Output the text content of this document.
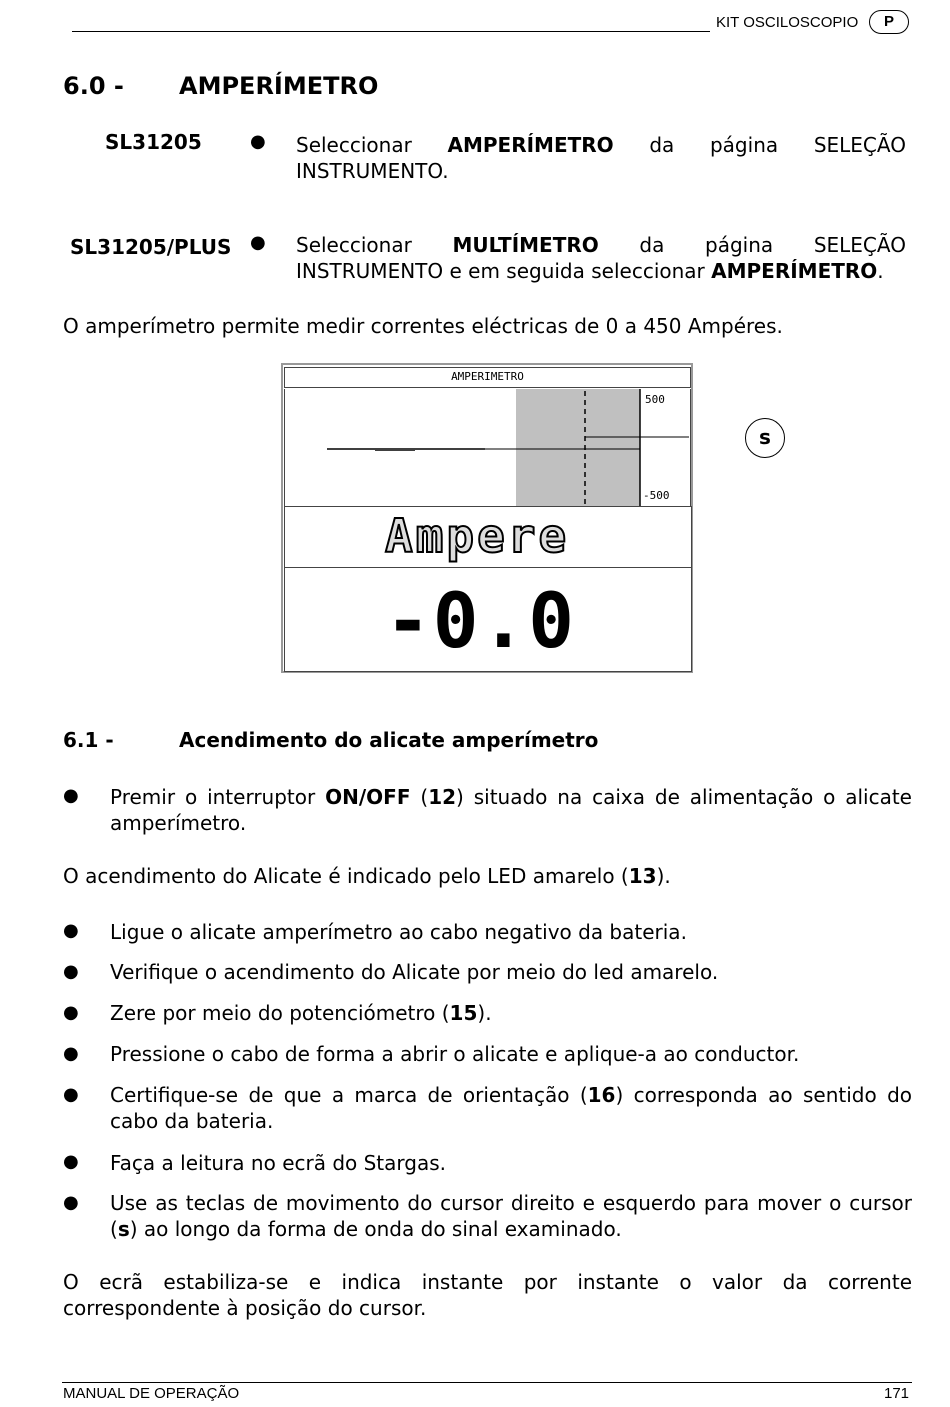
KIT OSCILOSCOPIO	P
6.0 - AMPERÍMETRO
SL31205	● Seleccionar AMPERÍMETRO da página SELEÇÃO
INSTRUMENTO.
SL31205/PLUS ● Seleccionar MULTÍMETRO da página SELEÇÃO
INSTRUMENTO e em seguida seleccionar AMPERÍMETRO.
O amperímetro permite medir correntes eléctricas de 0 a 450 Ampéres.
AMPERIMETRO
500
-500
Ampere
-0.0
s
6.1 -	Acendimento do alicate amperímetro
● Premir o interruptor ON/OFF (12) situado na caixa de alimentação o alicate amperímetro.
O acendimento do Alicate é indicado pelo LED amarelo (13).
● Ligue o alicate amperímetro ao cabo negativo da bateria.
● Verifique o acendimento do Alicate por meio do led amarelo.
● Zere por meio do potenciómetro (15).
● Pressione o cabo de forma a abrir o alicate e aplique-a ao conductor.
● Certifique-se de que a marca de orientação (16) corresponda ao sentido do cabo da bateria.
● Faça a leitura no ecrã do Stargas.
● Use as teclas de movimento do cursor direito e esquerdo para mover o cursor (s) ao longo da forma de onda do sinal examinado.
O ecrã estabiliza-se e indica instante por instante o valor da corrente correspondente à posição do cursor.
MANUAL DE OPERAÇÃO	171
